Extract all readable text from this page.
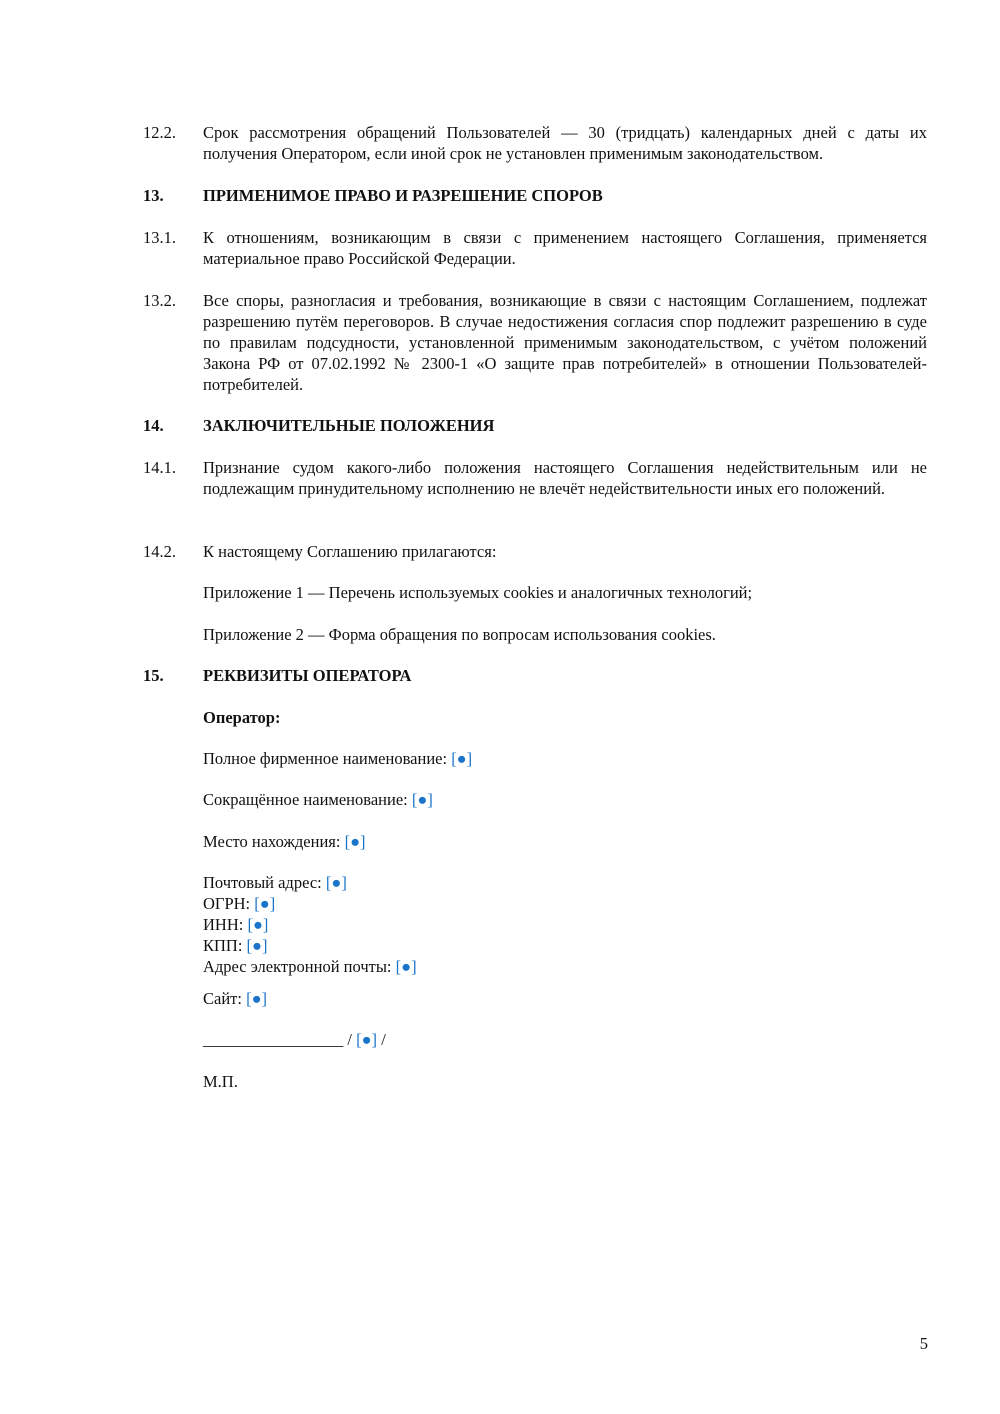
12.2. Срок рассмотрения обращений Пользователей — 30 (тридцать) календарных дней с даты их получения Оператором, если иной срок не установлен применимым законодательством.
13. ПРИМЕНИМОЕ ПРАВО И РАЗРЕШЕНИЕ СПОРОВ
13.1. К отношениям, возникающим в связи с применением настоящего Соглашения, применяется материальное право Российской Федерации.
13.2. Все споры, разногласия и требования, возникающие в связи с настоящим Соглашением, подлежат разрешению путём переговоров. В случае недостижения согласия спор подлежит разрешению в суде по правилам подсудности, установленной применимым законодательством, с учётом положений Закона РФ от 07.02.1992 № 2300-1 «О защите прав потребителей» в отношении Пользователей-потребителей.
14. ЗАКЛЮЧИТЕЛЬНЫЕ ПОЛОЖЕНИЯ
14.1. Признание судом какого-либо положения настоящего Соглашения недействительным или не подлежащим принудительному исполнению не влечёт недействительности иных его положений.
14.2. К настоящему Соглашению прилагаются:
Приложение 1 — Перечень используемых cookies и аналогичных технологий;
Приложение 2 — Форма обращения по вопросам использования cookies.
15. РЕКВИЗИТЫ ОПЕРАТОРА
Оператор:
Полное фирменное наименование: [●]
Сокращённое наименование: [●]
Место нахождения: [●]
Почтовый адрес: [●]
ОГРН: [●]
ИНН: [●]
КПП: [●]
Адрес электронной почты: [●]
Сайт: [●]
_________________ / [●] /
М.П.
5
